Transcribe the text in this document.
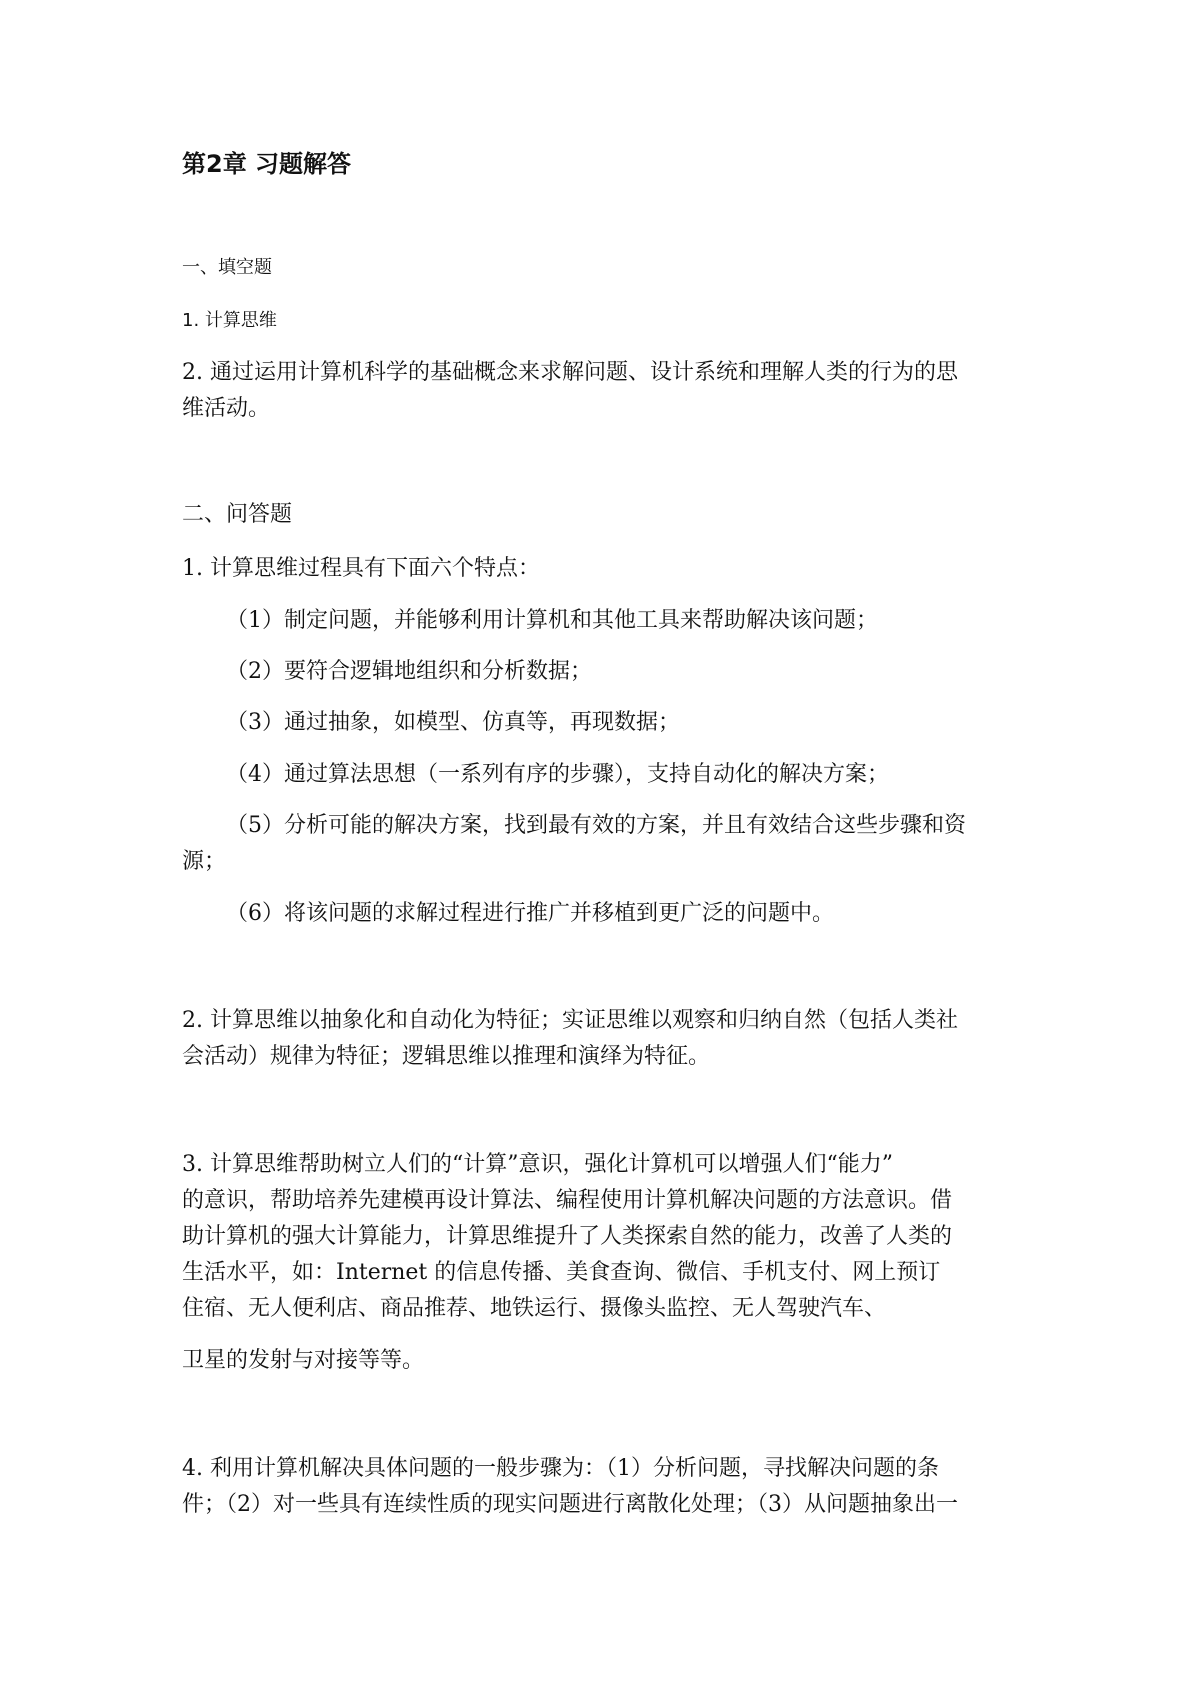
第2章 习题解答

一、填空题

1. 计算思维

2. 通过运用计算机科学的基础概念来求解问题、设计系统和理解人类的行为的思

维活动。

二、问答题

1. 计算思维过程具有下面六个特点：

（1）制定问题，并能够利用计算机和其他工具来帮助解决该问题；

（2）要符合逻辑地组织和分析数据；

（3）通过抽象，如模型、仿真等，再现数据；

（4）通过算法思想（一系列有序的步骤），支持自动化的解决方案；

（5）分析可能的解决方案，找到最有效的方案，并且有效结合这些步骤和资

源；

（6）将该问题的求解过程进行推广并移植到更广泛的问题中。

2. 计算思维以抽象化和自动化为特征；实证思维以观察和归纳自然（包括人类社

会活动）规律为特征；逻辑思维以推理和演绎为特征。

3. 计算思维帮助树立人们的“计算”意识，强化计算机可以增强人们“能力”

的意识，帮助培养先建模再设计算法、编程使用计算机解决问题的方法意识。借

助计算机的强大计算能力，计算思维提升了人类探索自然的能力，改善了人类的

生活水平，如：Internet 的信息传播、美食查询、微信、手机支付、网上预订

住宿、无人便利店、商品推荐、地铁运行、摄像头监控、无人驾驶汽车、

卫星的发射与对接等等。

4. 利用计算机解决具体问题的一般步骤为：（1）分析问题，寻找解决问题的条

件；（2）对一些具有连续性质的现实问题进行离散化处理；（3）从问题抽象出一
